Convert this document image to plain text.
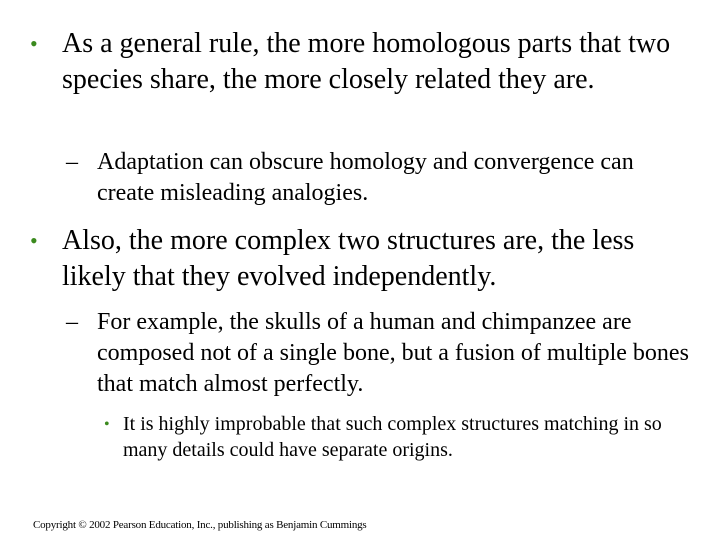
• As a general rule, the more homologous parts that two species share, the more closely related they are.
– Adaptation can obscure homology and convergence can create misleading analogies.
• Also, the more complex two structures are, the less likely that they evolved independently.
– For example, the skulls of a human and chimpanzee are composed not of a single bone, but a fusion of multiple bones that match almost perfectly.
• It is highly improbable that such complex structures matching in so many details could have separate origins.
Copyright © 2002 Pearson Education, Inc., publishing as Benjamin Cummings
